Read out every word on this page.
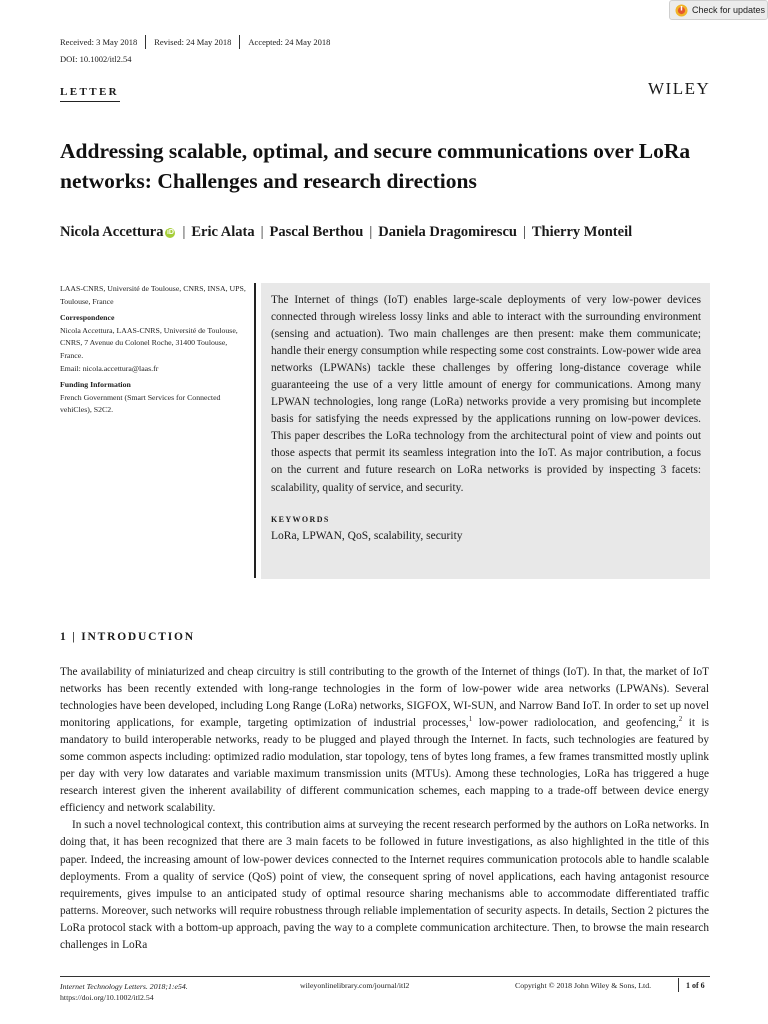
Check for updates
Received: 3 May 2018 Revised: 24 May 2018 Accepted: 24 May 2018
DOI: 10.1002/itl2.54
LETTER	WILEY
Addressing scalable, optimal, and secure communications over LoRa networks: Challenges and research directions
Nicola Accettura iD | Eric Alata | Pascal Berthou | Daniela Dragomirescu | Thierry Monteil

LAAS-CNRS, Université de Toulouse, CNRS, INSA, UPS, Toulouse, France

Correspondence

Nicola Accettura, LAAS-CNRS, Université de Toulouse, CNRS, 7 Avenue du Colonel Roche, 31400 Toulouse, France.

Email: nicola.accettura@laas.fr

Funding Information

French Government (Smart Services for Connected vehiCles), S2C2.

The Internet of things (IoT) enables large-scale deployments of very low-power devices connected through wireless lossy links and able to interact with the surrounding environment (sensing and actuation). Two main challenges are then present: make them communicate; handle their energy consumption while respecting some cost constraints. Low-power wide area networks (LPWANs) tackle these challenges by offering long-distance coverage while guaranteeing the use of a very little amount of energy for communications. Among many LPWAN technologies, long range (LoRa) networks provide a very promising but incomplete basis for satisfying the needs expressed by the applications running on low-power devices. This paper describes the LoRa technology from the architectural point of view and points out those aspects that permit its seamless integration into the IoT. As major contribution, a focus on the current and future research on LoRa networks is provided by inspecting 3 facets: scalability, quality of service, and security.
KEYWORDS
LoRa, LPWAN, QoS, scalability, security
1 | INTRODUCTION

The availability of miniaturized and cheap circuitry is still contributing to the growth of the Internet of things (IoT). In that, the market of IoT networks has been recently extended with long-range technologies in the form of low-power wide area networks (LPWANs). Several technologies have been developed, including Long Range (LoRa) networks, SIGFOX, WI-SUN, and Narrow Band IoT. In order to set up novel monitoring applications, for example, targeting optimization of industrial processes,$^1$ low-power radiolocation, and geofencing,$^2$ it is mandatory to build interoperable networks, ready to be plugged and played through the Internet. In facts, such technologies are featured by some common aspects including: optimized radio modulation, star topology, tens of bytes long frames, a few frames transmitted mostly uplink per day with very low datarates and variable maximum transmission units (MTUs). Among these technologies, LoRa has triggered a huge research interest given the inherent availability of different communication schemes, each mapping to a trade-off between device energy efficiency and network scalability.

In such a novel technological context, this contribution aims at surveying the recent research performed by the authors on LoRa networks. In doing that, it has been recognized that there are 3 main facets to be followed in future investigations, as also highlighted in the title of this paper. Indeed, the increasing amount of low-power devices connected to the Internet requires communication protocols able to handle scalable deployments. From a quality of service (QoS) point of view, the consequent spring of novel applications, each having antagonist resource requirements, gives impulse to an anticipated study of optimal resource sharing mechanisms able to accommodate differentiated traffic patterns. Moreover, such networks will require robustness through reliable implementation of security aspects. In details, Section 2 pictures the LoRa protocol stack with a bottom-up approach, paving the way to a complete communication architecture. Then, to browse the main research challenges in LoRa

Internet Technology Letters. 2018;1:e54.
https://doi.org/10.1002/itl2.54
wileyonlinelibrary.com/journal/itl2	Copyright © 2018 John Wiley & Sons, Ltd.	1 of 6
